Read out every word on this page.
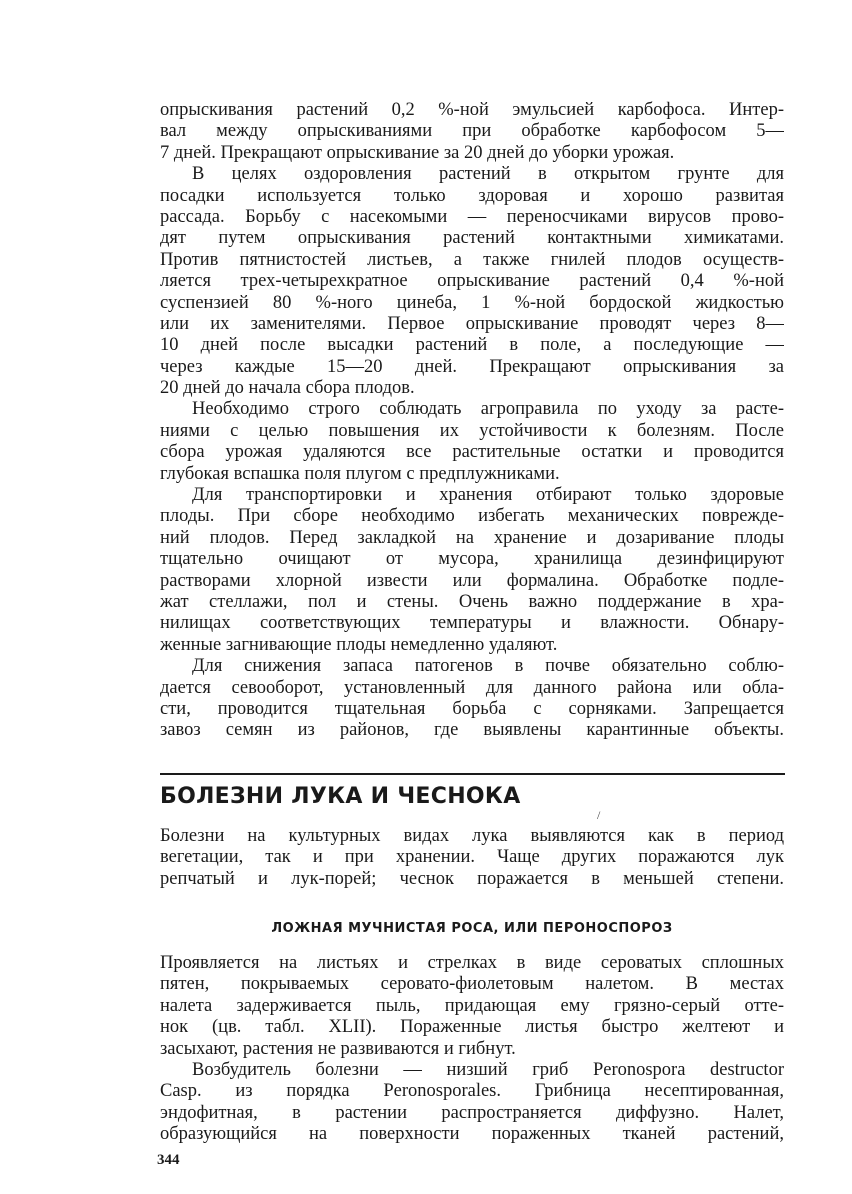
опрыскивания растений 0,2 %-ной эмульсией карбофоса. Интер-
вал между опрыскиваниями при обработке карбофосом 5—
7 дней. Прекращают опрыскивание за 20 дней до уборки урожая.
В целях оздоровления растений в открытом грунте для
посадки используется только здоровая и хорошо развитая
рассада. Борьбу с насекомыми — переносчиками вирусов прово-
дят путем опрыскивания растений контактными химикатами.
Против пятнистостей листьев, а также гнилей плодов осуществ-
ляется трех-четырехкратное опрыскивание растений 0,4 %-ной
суспензией 80 %-ного цинеба, 1 %-ной бордоской жидкостью
или их заменителями. Первое опрыскивание проводят через 8—
10 дней после высадки растений в поле, а последующие —
через каждые 15—20 дней. Прекращают опрыскивания за
20 дней до начала сбора плодов.
Необходимо строго соблюдать агроправила по уходу за расте-
ниями с целью повышения их устойчивости к болезням. После
сбора урожая удаляются все растительные остатки и проводится
глубокая вспашка поля плугом с предплужниками.
Для транспортировки и хранения отбирают только здоровые
плоды. При сборе необходимо избегать механических поврежде-
ний плодов. Перед закладкой на хранение и дозаривание плоды
тщательно очищают от мусора, хранилища дезинфицируют
растворами хлорной извести или формалина. Обработке подле-
жат стеллажи, пол и стены. Очень важно поддержание в хра-
нилищах соответствующих температуры и влажности. Обнару-
женные загнивающие плоды немедленно удаляют.
Для снижения запаса патогенов в почве обязательно соблю-
дается севооборот, установленный для данного района или обла-
сти, проводится тщательная борьба с сорняками. Запрещается
завоз семян из районов, где выявлены карантинные объекты.
БОЛЕЗНИ ЛУКА И ЧЕСНОКА
/
Болезни на культурных видах лука выявляются как в период
вегетации, так и при хранении. Чаще других поражаются лук
репчатый и лук-порей; чеснок поражается в меньшей степени.
ЛОЖНАЯ МУЧНИСТАЯ РОСА, ИЛИ ПЕРОНОСПОРОЗ
Проявляется на листьях и стрелках в виде сероватых сплошных
пятен, покрываемых серовато-фиолетовым налетом. В местах
налета задерживается пыль, придающая ему грязно-серый отте-
нок (цв. табл. XLII). Пораженные листья быстро желтеют и
засыхают, растения не развиваются и гибнут.
Возбудитель болезни — низший гриб Peronospora destructor
Casp. из порядка Peronosporales. Грибница несептированная,
эндофитная, в растении распространяется диффузно. Налет,
образующийся на поверхности пораженных тканей растений,
344
